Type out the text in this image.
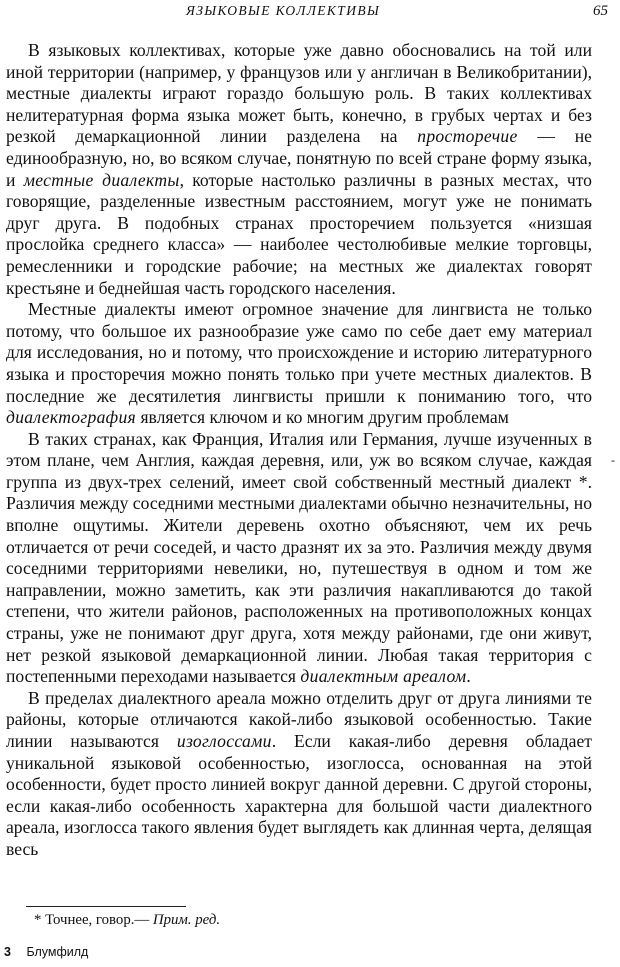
ЯЗЫКОВЫЕ КОЛЛЕКТИВЫ	65

В языковых коллективах, которые уже давно обосновались на той или иной территории (например, у французов или у англичан в Великобритании), местные диалекты играют гораздо большую роль. В таких коллективах нелитературная форма языка может быть, конечно, в грубых чертах и без резкой демаркационной линии разделена на просторечие — не единообразную, но, во всяком случае, понятную по всей стране форму языка, и местные диалекты, которые настолько различны в разных местах, что говорящие, разделенные известным расстоянием, могут уже не понимать друг друга. В подобных странах просторечием пользуется «низшая прослойка среднего класса» — наиболее честолюбивые мелкие торговцы, ремесленники и городские рабочие; на местных же диалектах говорят крестьяне и беднейшая часть городского населения.

Местные диалекты имеют огромное значение для лингвиста не только потому, что большое их разнообразие уже само по себе дает ему материал для исследования, но и потому, что происхождение и историю литературного языка и просторечия можно понять только при учете местных диалектов. В последние же десятилетия лингвисты пришли к пониманию того, что диалектография является ключом и ко многим другим проблемам

В таких странах, как Франция, Италия или Германия, лучше изученных в этом плане, чем Англия, каждая деревня, или, уж во всяком случае, каждая группа из двух-трех селений, имеет свой собственный местный диалект *. Различия между соседними местными диалектами обычно незначительны, но вполне ощутимы. Жители деревень охотно объясняют, чем их речь отличается от речи соседей, и часто дразнят их за это. Различия между двумя соседними территориями невелики, но, путешествуя в одном и том же направлении, можно заметить, как эти различия накапливаются до такой степени, что жители районов, расположенных на противоположных концах страны, уже не понимают друг друга, хотя между районами, где они живут, нет резкой языковой демаркационной линии. Любая такая территория с постепенными переходами называется диалектным ареалом.

В пределах диалектного ареала можно отделить друг от друга линиями те районы, которые отличаются какой-либо языковой особенностью. Такие линии называются изоглоссами. Если какая-либо деревня обладает уникальной языковой особенностью, изоглосса, основанная на этой особенности, будет просто линией вокруг данной деревни. С другой стороны, если какая-либо особенность характерна для большой части диалектного ареала, изоглосса такого явления будет выглядеть как длинная черта, делящая весь

-
* Точнее, говор.— Прим. ред.
3 Блумфилд
